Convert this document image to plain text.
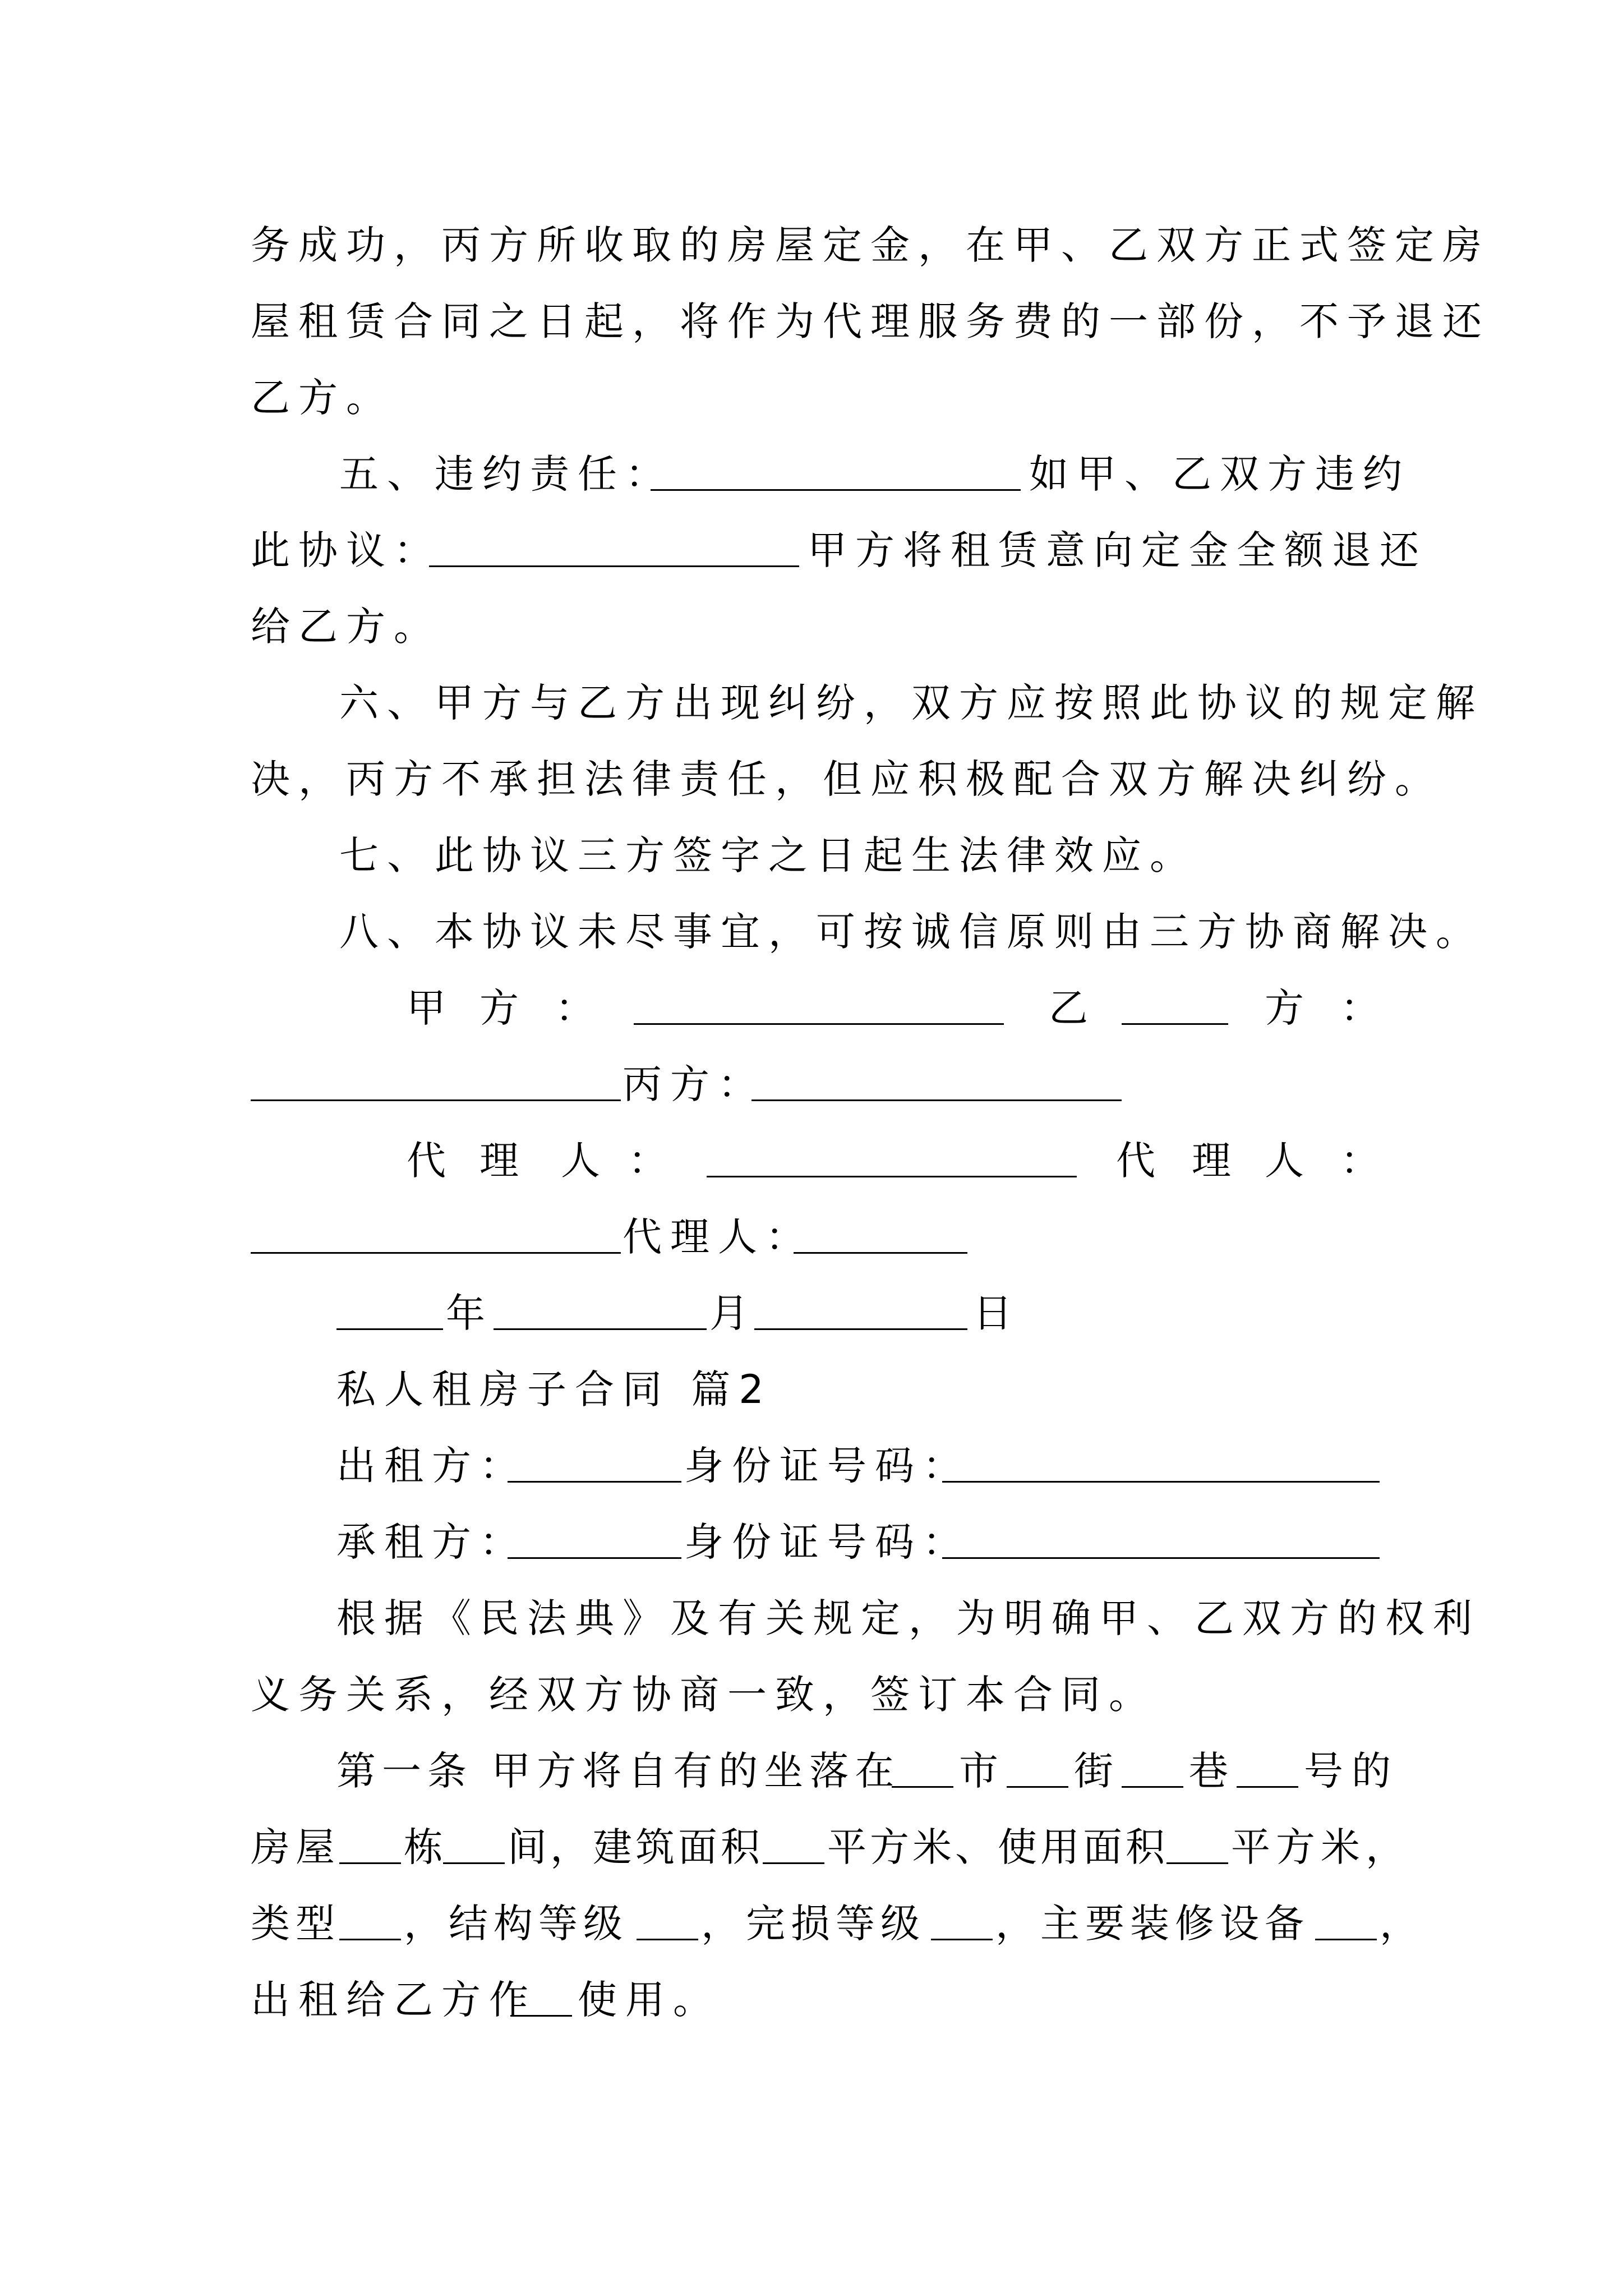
务成功，丙方所收取的房屋定金，在甲、乙双方正式签定房
屋租赁合同之日起，将作为代理服务费的一部份，不予退还
乙方。
五、违约责任：	如甲、乙双方违约
此协议：	甲方将租赁意向定金全额退还
给乙方。
六、甲方与乙方出现纠纷，双方应按照此协议的规定解
决，丙方不承担法律责任，但应积极配合双方解决纠纷。
七、此协议三方签字之日起生法律效应。
八、本协议未尽事宜，可按诚信原则由三方协商解决。
甲 方 ：	乙	方 ：
丙方：
代 理 人 ：	代 理 人 ：
代理人：
年	月	日
私人租房子合同 篇2
出租方：	身份证号码：
承租方：	身份证号码：
根据《民法典》及有关规定，为明确甲、乙双方的权利
义务关系，经双方协商一致，签订本合同。
第一条 甲方将自有的坐落在 市 街 巷 号的
房屋 栋 间，建筑面积 平方米、使用面积 平方米，
类型 ，结构等级 ，完损等级 ，主要装修设备 ，
出租给乙方作 使用。
